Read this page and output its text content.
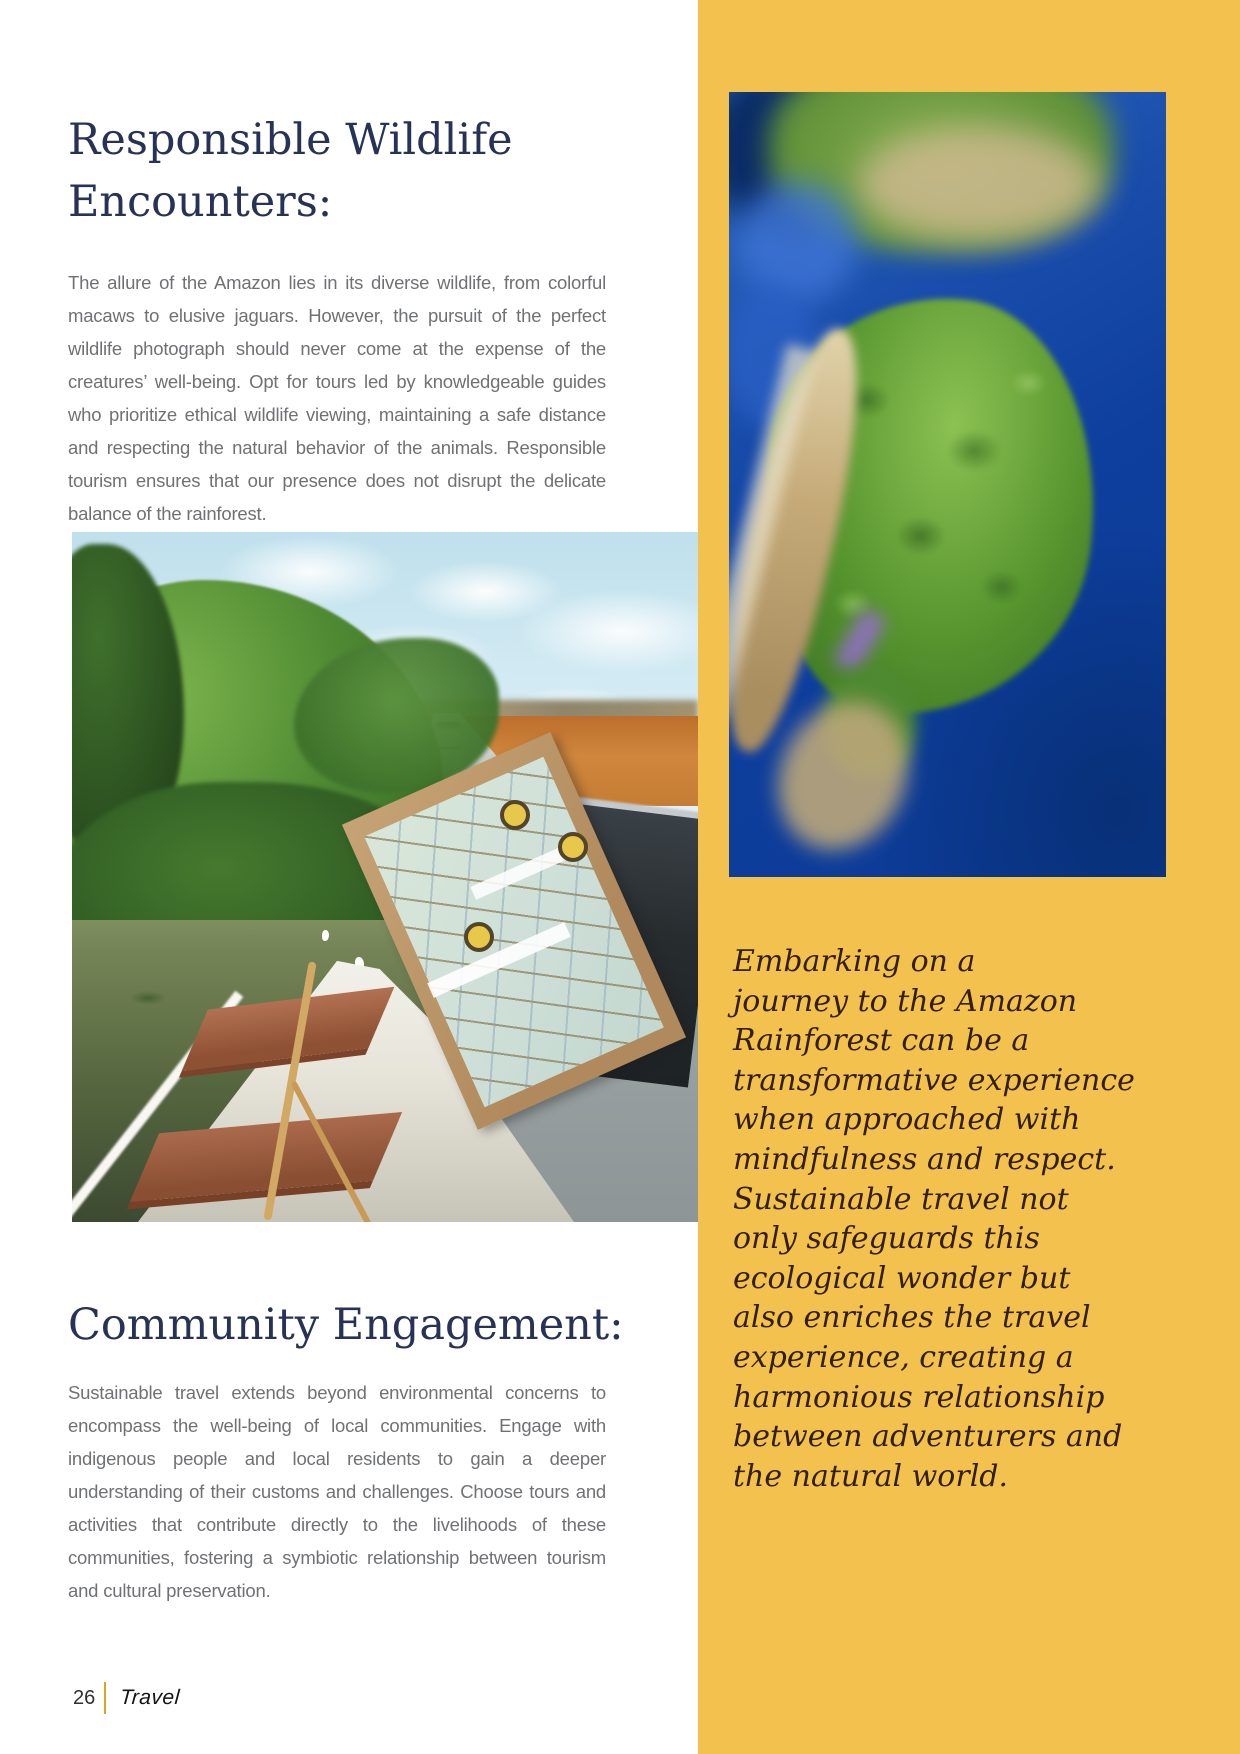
Responsible Wildlife Encounters:

The allure of the Amazon lies in its diverse wildlife, from colorful macaws to elusive jaguars. However, the pursuit of the perfect wildlife photograph should never come at the expense of the creatures’ well-being. Opt for tours led by knowledgeable guides who prioritize ethical wildlife viewing, maintaining a safe distance and respecting the natural behavior of the animals. Responsible tourism ensures that our presence does not disrupt the delicate balance of the rainforest.

Community Engagement:

Sustainable travel extends beyond environmental concerns to encompass the well-being of local communities. Engage with indigenous people and local residents to gain a deeper understanding of their customs and challenges. Choose tours and activities that contribute directly to the livelihoods of these communities, fostering a symbiotic relationship between tourism and cultural preservation.

Embarking on a
journey to the Amazon
Rainforest can be a
transformative experience
when approached with
mindfulness and respect.
Sustainable travel not
only safeguards this
ecological wonder but
also enriches the travel
experience, creating a
harmonious relationship
between adventurers and
the natural world.
26 Travel
